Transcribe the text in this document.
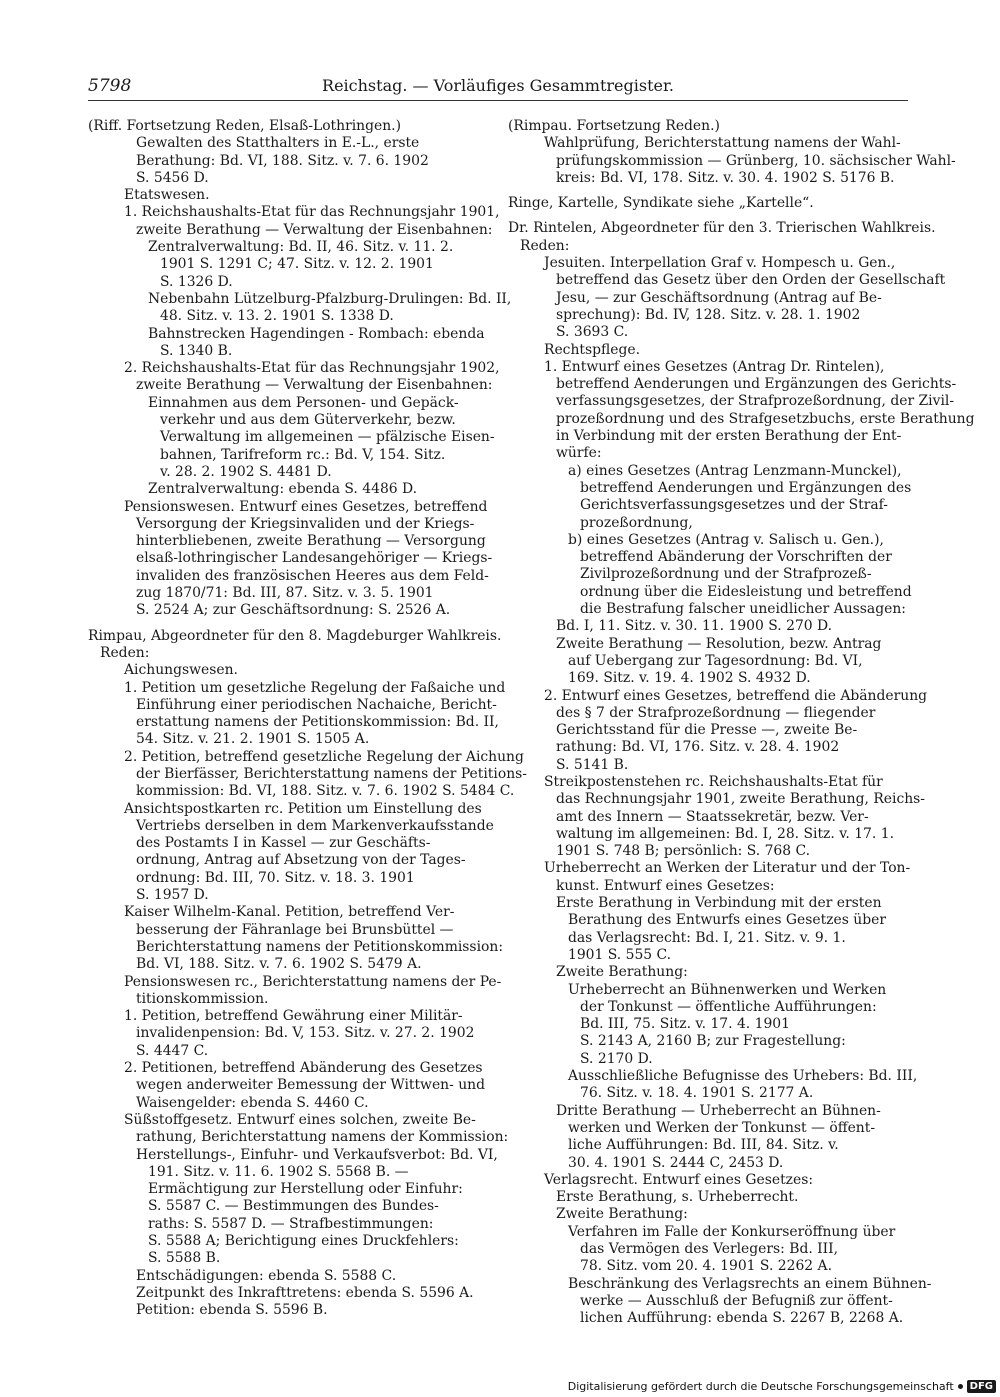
5798	Reichstag. — Vorläufiges Gesammtregister.
(Riff. Fortsetzung Reden, Elsaß-Lothringen.)
Gewalten des Statthalters in E.-L., erste
Berathung: Bd. VI, 188. Sitz. v. 7. 6. 1902
S. 5456 D.
Etatswesen.
1. Reichshaushalts-Etat für das Rechnungsjahr 1901,
zweite Berathung — Verwaltung der Eisenbahnen:
Zentralverwaltung: Bd. II, 46. Sitz. v. 11. 2.
1901 S. 1291 C; 47. Sitz. v. 12. 2. 1901
S. 1326 D.
Nebenbahn Lützelburg-Pfalzburg-Drulingen: Bd. II,
48. Sitz. v. 13. 2. 1901 S. 1338 D.
Bahnstrecken Hagendingen - Rombach: ebenda
S. 1340 B.
2. Reichshaushalts-Etat für das Rechnungsjahr 1902,
zweite Berathung — Verwaltung der Eisenbahnen:
Einnahmen aus dem Personen- und Gepäck-
verkehr und aus dem Güterverkehr, bezw.
Verwaltung im allgemeinen — pfälzische Eisen-
bahnen, Tarifreform rc.: Bd. V, 154. Sitz.
v. 28. 2. 1902 S. 4481 D.
Zentralverwaltung: ebenda S. 4486 D.
Pensionswesen. Entwurf eines Gesetzes, betreffend
Versorgung der Kriegsinvaliden und der Kriegs-
hinterbliebenen, zweite Berathung — Versorgung
elsaß-lothringischer Landesangehöriger — Kriegs-
invaliden des französischen Heeres aus dem Feld-
zug 1870/71: Bd. III, 87. Sitz. v. 3. 5. 1901
S. 2524 A; zur Geschäftsordnung: S. 2526 A.
Rimpau, Abgeordneter für den 8. Magdeburger Wahlkreis.
Reden:
Aichungswesen.
1. Petition um gesetzliche Regelung der Faßaiche und
Einführung einer periodischen Nachaiche, Bericht-
erstattung namens der Petitionskommission: Bd. II,
54. Sitz. v. 21. 2. 1901 S. 1505 A.
2. Petition, betreffend gesetzliche Regelung der Aichung
der Bierfässer, Berichterstattung namens der Petitions-
kommission: Bd. VI, 188. Sitz. v. 7. 6. 1902 S. 5484 C.
Ansichtspostkarten rc. Petition um Einstellung des
Vertriebs derselben in dem Markenverkaufsstande
des Postamts I in Kassel — zur Geschäfts-
ordnung, Antrag auf Absetzung von der Tages-
ordnung: Bd. III, 70. Sitz. v. 18. 3. 1901
S. 1957 D.
Kaiser Wilhelm-Kanal. Petition, betreffend Ver-
besserung der Fähranlage bei Brunsbüttel —
Berichterstattung namens der Petitionskommission:
Bd. VI, 188. Sitz. v. 7. 6. 1902 S. 5479 A.
Pensionswesen rc., Berichterstattung namens der Pe-
titionskommission.
1. Petition, betreffend Gewährung einer Militär-
invalidenpension: Bd. V, 153. Sitz. v. 27. 2. 1902
S. 4447 C.
2. Petitionen, betreffend Abänderung des Gesetzes
wegen anderweiter Bemessung der Wittwen- und
Waisengelder: ebenda S. 4460 C.
Süßstoffgesetz. Entwurf eines solchen, zweite Be-
rathung, Berichterstattung namens der Kommission:
Herstellungs-, Einfuhr- und Verkaufsverbot: Bd. VI,
191. Sitz. v. 11. 6. 1902 S. 5568 B. —
Ermächtigung zur Herstellung oder Einfuhr:
S. 5587 C. — Bestimmungen des Bundes-
raths: S. 5587 D. — Strafbestimmungen:
S. 5588 A; Berichtigung eines Druckfehlers:
S. 5588 B.
Entschädigungen: ebenda S. 5588 C.
Zeitpunkt des Inkrafttretens: ebenda S. 5596 A.
Petition: ebenda S. 5596 B.
(Rimpau. Fortsetzung Reden.)
Wahlprüfung, Berichterstattung namens der Wahl-
prüfungskommission — Grünberg, 10. sächsischer Wahl-
kreis: Bd. VI, 178. Sitz. v. 30. 4. 1902 S. 5176 B.
Ringe, Kartelle, Syndikate siehe „Kartelle“.
Dr. Rintelen, Abgeordneter für den 3. Trierischen Wahlkreis.
Reden:
Jesuiten. Interpellation Graf v. Hompesch u. Gen.,
betreffend das Gesetz über den Orden der Gesellschaft
Jesu, — zur Geschäftsordnung (Antrag auf Be-
sprechung): Bd. IV, 128. Sitz. v. 28. 1. 1902
S. 3693 C.
Rechtspflege.
1. Entwurf eines Gesetzes (Antrag Dr. Rintelen),
betreffend Aenderungen und Ergänzungen des Gerichts-
verfassungsgesetzes, der Strafprozeßordnung, der Zivil-
prozeßordnung und des Strafgesetzbuchs, erste Berathung
in Verbindung mit der ersten Berathung der Ent-
würfe:
a) eines Gesetzes (Antrag Lenzmann-Munckel),
betreffend Aenderungen und Ergänzungen des
Gerichtsverfassungsgesetzes und der Straf-
prozeßordnung,
b) eines Gesetzes (Antrag v. Salisch u. Gen.),
betreffend Abänderung der Vorschriften der
Zivilprozeßordnung und der Strafprozeß-
ordnung über die Eidesleistung und betreffend
die Bestrafung falscher uneidlicher Aussagen:
Bd. I, 11. Sitz. v. 30. 11. 1900 S. 270 D.
Zweite Berathung — Resolution, bezw. Antrag
auf Uebergang zur Tagesordnung: Bd. VI,
169. Sitz. v. 19. 4. 1902 S. 4932 D.
2. Entwurf eines Gesetzes, betreffend die Abänderung
des § 7 der Strafprozeßordnung — fliegender
Gerichtsstand für die Presse —, zweite Be-
rathung: Bd. VI, 176. Sitz. v. 28. 4. 1902
S. 5141 B.
Streikpostenstehen rc. Reichshaushalts-Etat für
das Rechnungsjahr 1901, zweite Berathung, Reichs-
amt des Innern — Staatssekretär, bezw. Ver-
waltung im allgemeinen: Bd. I, 28. Sitz. v. 17. 1.
1901 S. 748 B; persönlich: S. 768 C.
Urheberrecht an Werken der Literatur und der Ton-
kunst. Entwurf eines Gesetzes:
Erste Berathung in Verbindung mit der ersten
Berathung des Entwurfs eines Gesetzes über
das Verlagsrecht: Bd. I, 21. Sitz. v. 9. 1.
1901 S. 555 C.
Zweite Berathung:
Urheberrecht an Bühnenwerken und Werken
der Tonkunst — öffentliche Aufführungen:
Bd. III, 75. Sitz. v. 17. 4. 1901
S. 2143 A, 2160 B; zur Fragestellung:
S. 2170 D.
Ausschließliche Befugnisse des Urhebers: Bd. III,
76. Sitz. v. 18. 4. 1901 S. 2177 A.
Dritte Berathung — Urheberrecht an Bühnen-
werken und Werken der Tonkunst — öffent-
liche Aufführungen: Bd. III, 84. Sitz. v.
30. 4. 1901 S. 2444 C, 2453 D.
Verlagsrecht. Entwurf eines Gesetzes:
Erste Berathung, s. Urheberrecht.
Zweite Berathung:
Verfahren im Falle der Konkurseröffnung über
das Vermögen des Verlegers: Bd. III,
78. Sitz. vom 20. 4. 1901 S. 2262 A.
Beschränkung des Verlagsrechts an einem Bühnen-
werke — Ausschluß der Befugniß zur öffent-
lichen Aufführung: ebenda S. 2267 B, 2268 A.
Digitalisierung gefördert durch die Deutsche Forschungsgemeinschaft	DFG
